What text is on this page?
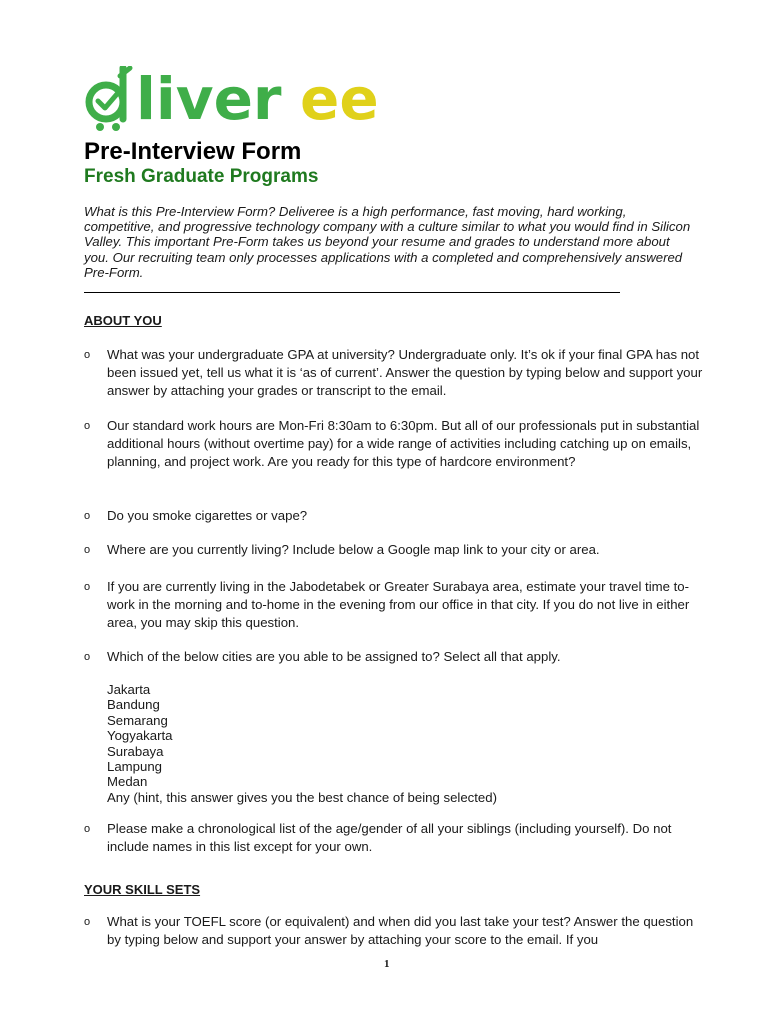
liver ee
Pre-Interview Form
Fresh Graduate Programs

What is this Pre-Interview Form? Deliveree is a high performance, fast moving, hard working, competitive, and progressive technology company with a culture similar to what you would find in Silicon Valley. This important Pre-Form takes us beyond your resume and grades to understand more about you. Our recruiting team only processes applications with a completed and comprehensively answered Pre-Form.

ABOUT YOU

o What was your undergraduate GPA at university? Undergraduate only. It’s ok if your final GPA has not been issued yet, tell us what it is ‘as of current’. Answer the question by typing below and support your answer by attaching your grades or transcript to the email.
o Our standard work hours are Mon-Fri 8:30am to 6:30pm. But all of our professionals put in substantial additional hours (without overtime pay) for a wide range of activities including catching up on emails, planning, and project work. Are you ready for this type of hardcore environment?
o Do you smoke cigarettes or vape?
o Where are you currently living? Include below a Google map link to your city or area.
o If you are currently living in the Jabodetabek or Greater Surabaya area, estimate your travel time to-work in the morning and to-home in the evening from our office in that city. If you do not live in either area, you may skip this question.
o Which of the below cities are you able to be assigned to? Select all that apply.
Jakarta
Bandung
Semarang
Yogyakarta
Surabaya
Lampung
Medan
Any (hint, this answer gives you the best chance of being selected)
o Please make a chronological list of the age/gender of all your siblings (including yourself). Do not include names in this list except for your own.

YOUR SKILL SETS

o What is your TOEFL score (or equivalent) and when did you last take your test? Answer the question by typing below and support your answer by attaching your score to the email. If you
1
